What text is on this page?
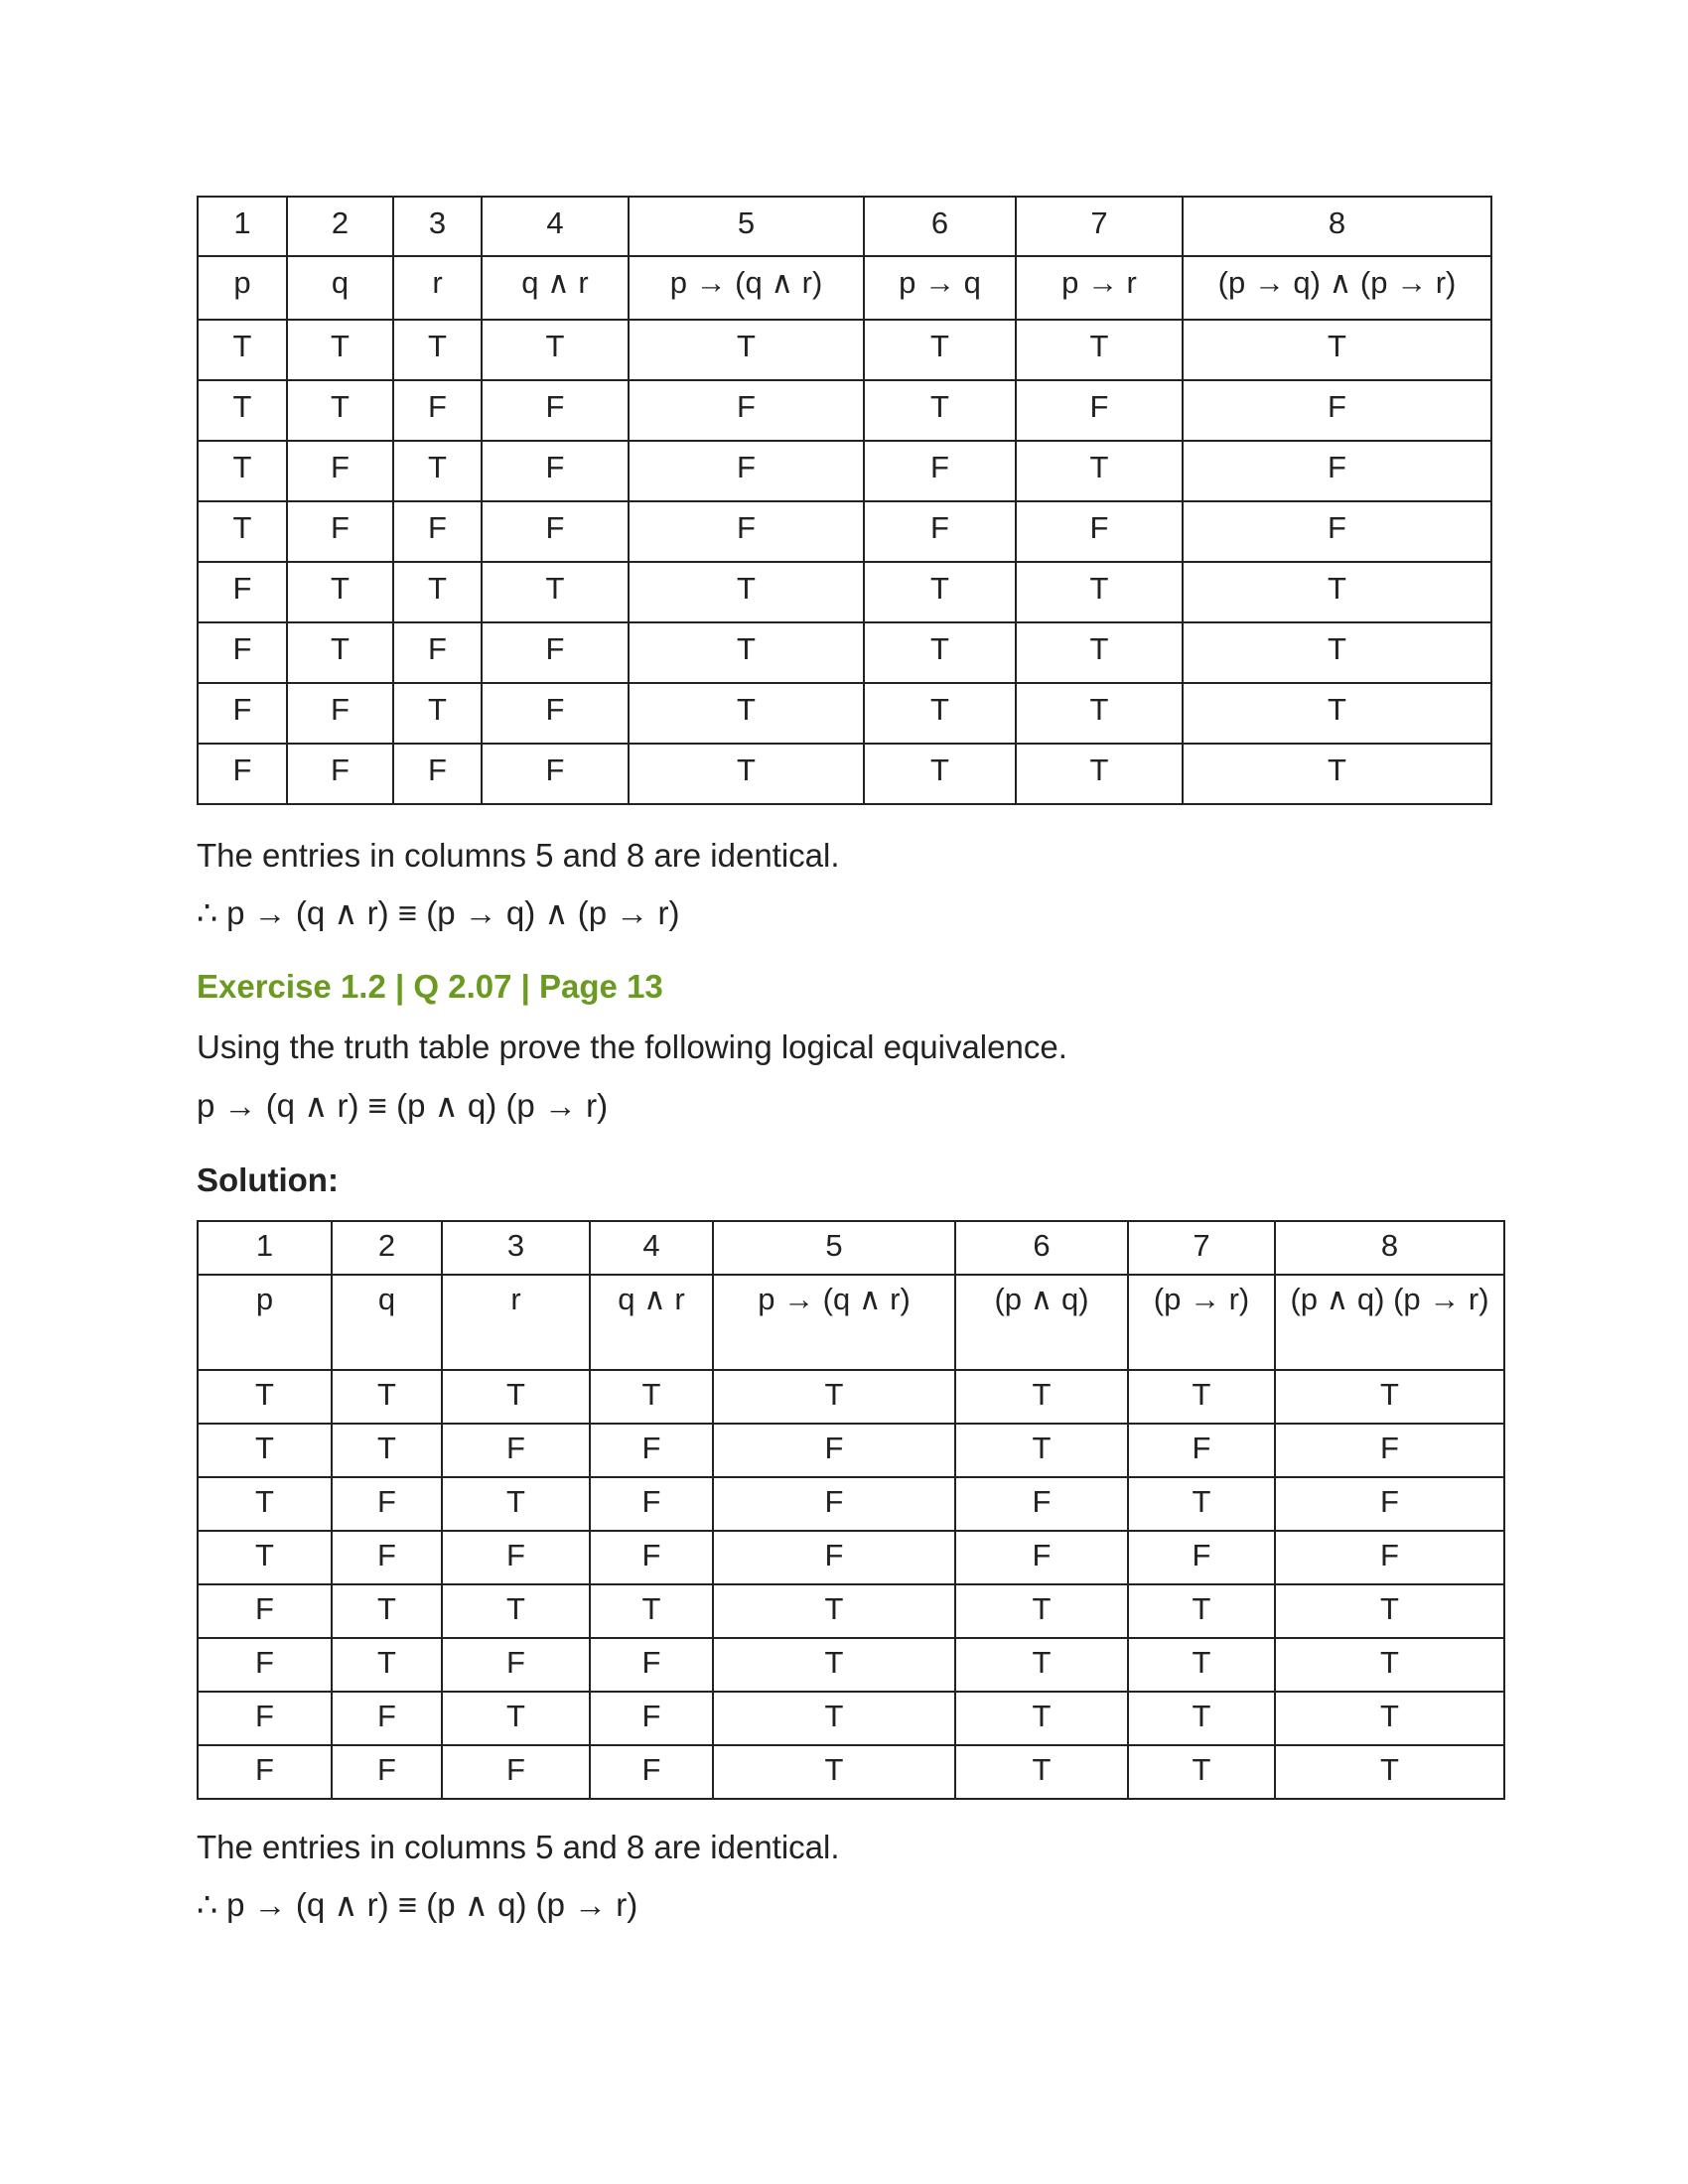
1	2	3	4	5	6	7	8
p	q	r	q ∧ r	p → (q ∧ r)	p → q	p → r	(p → q) ∧ (p → r)
T	T	T	T	T	T	T	T
T	T	F	F	F	T	F	F
T	F	T	F	F	F	T	F
T	F	F	F	F	F	F	F
F	T	T	T	T	T	T	T
F	T	F	F	T	T	T	T
F	F	T	F	T	T	T	T
F	F	F	F	T	T	T	T
The entries in columns 5 and 8 are identical.
∴ p → (q ∧ r) ≡ (p → q) ∧ (p → r)
Exercise 1.2 | Q 2.07 | Page 13
Using the truth table prove the following logical equivalence.
p → (q ∧ r) ≡ (p ∧ q) (p → r)
Solution:
1	2	3	4	5	6	7	8
p	q	r	q ∧ r	p → (q ∧ r)	(p ∧ q)	(p → r)	(p ∧ q) (p → r)
T	T	T	T	T	T	T	T
T	T	F	F	F	T	F	F
T	F	T	F	F	F	T	F
T	F	F	F	F	F	F	F
F	T	T	T	T	T	T	T
F	T	F	F	T	T	T	T
F	F	T	F	T	T	T	T
F	F	F	F	T	T	T	T
The entries in columns 5 and 8 are identical.
∴ p → (q ∧ r) ≡ (p ∧ q) (p → r)
